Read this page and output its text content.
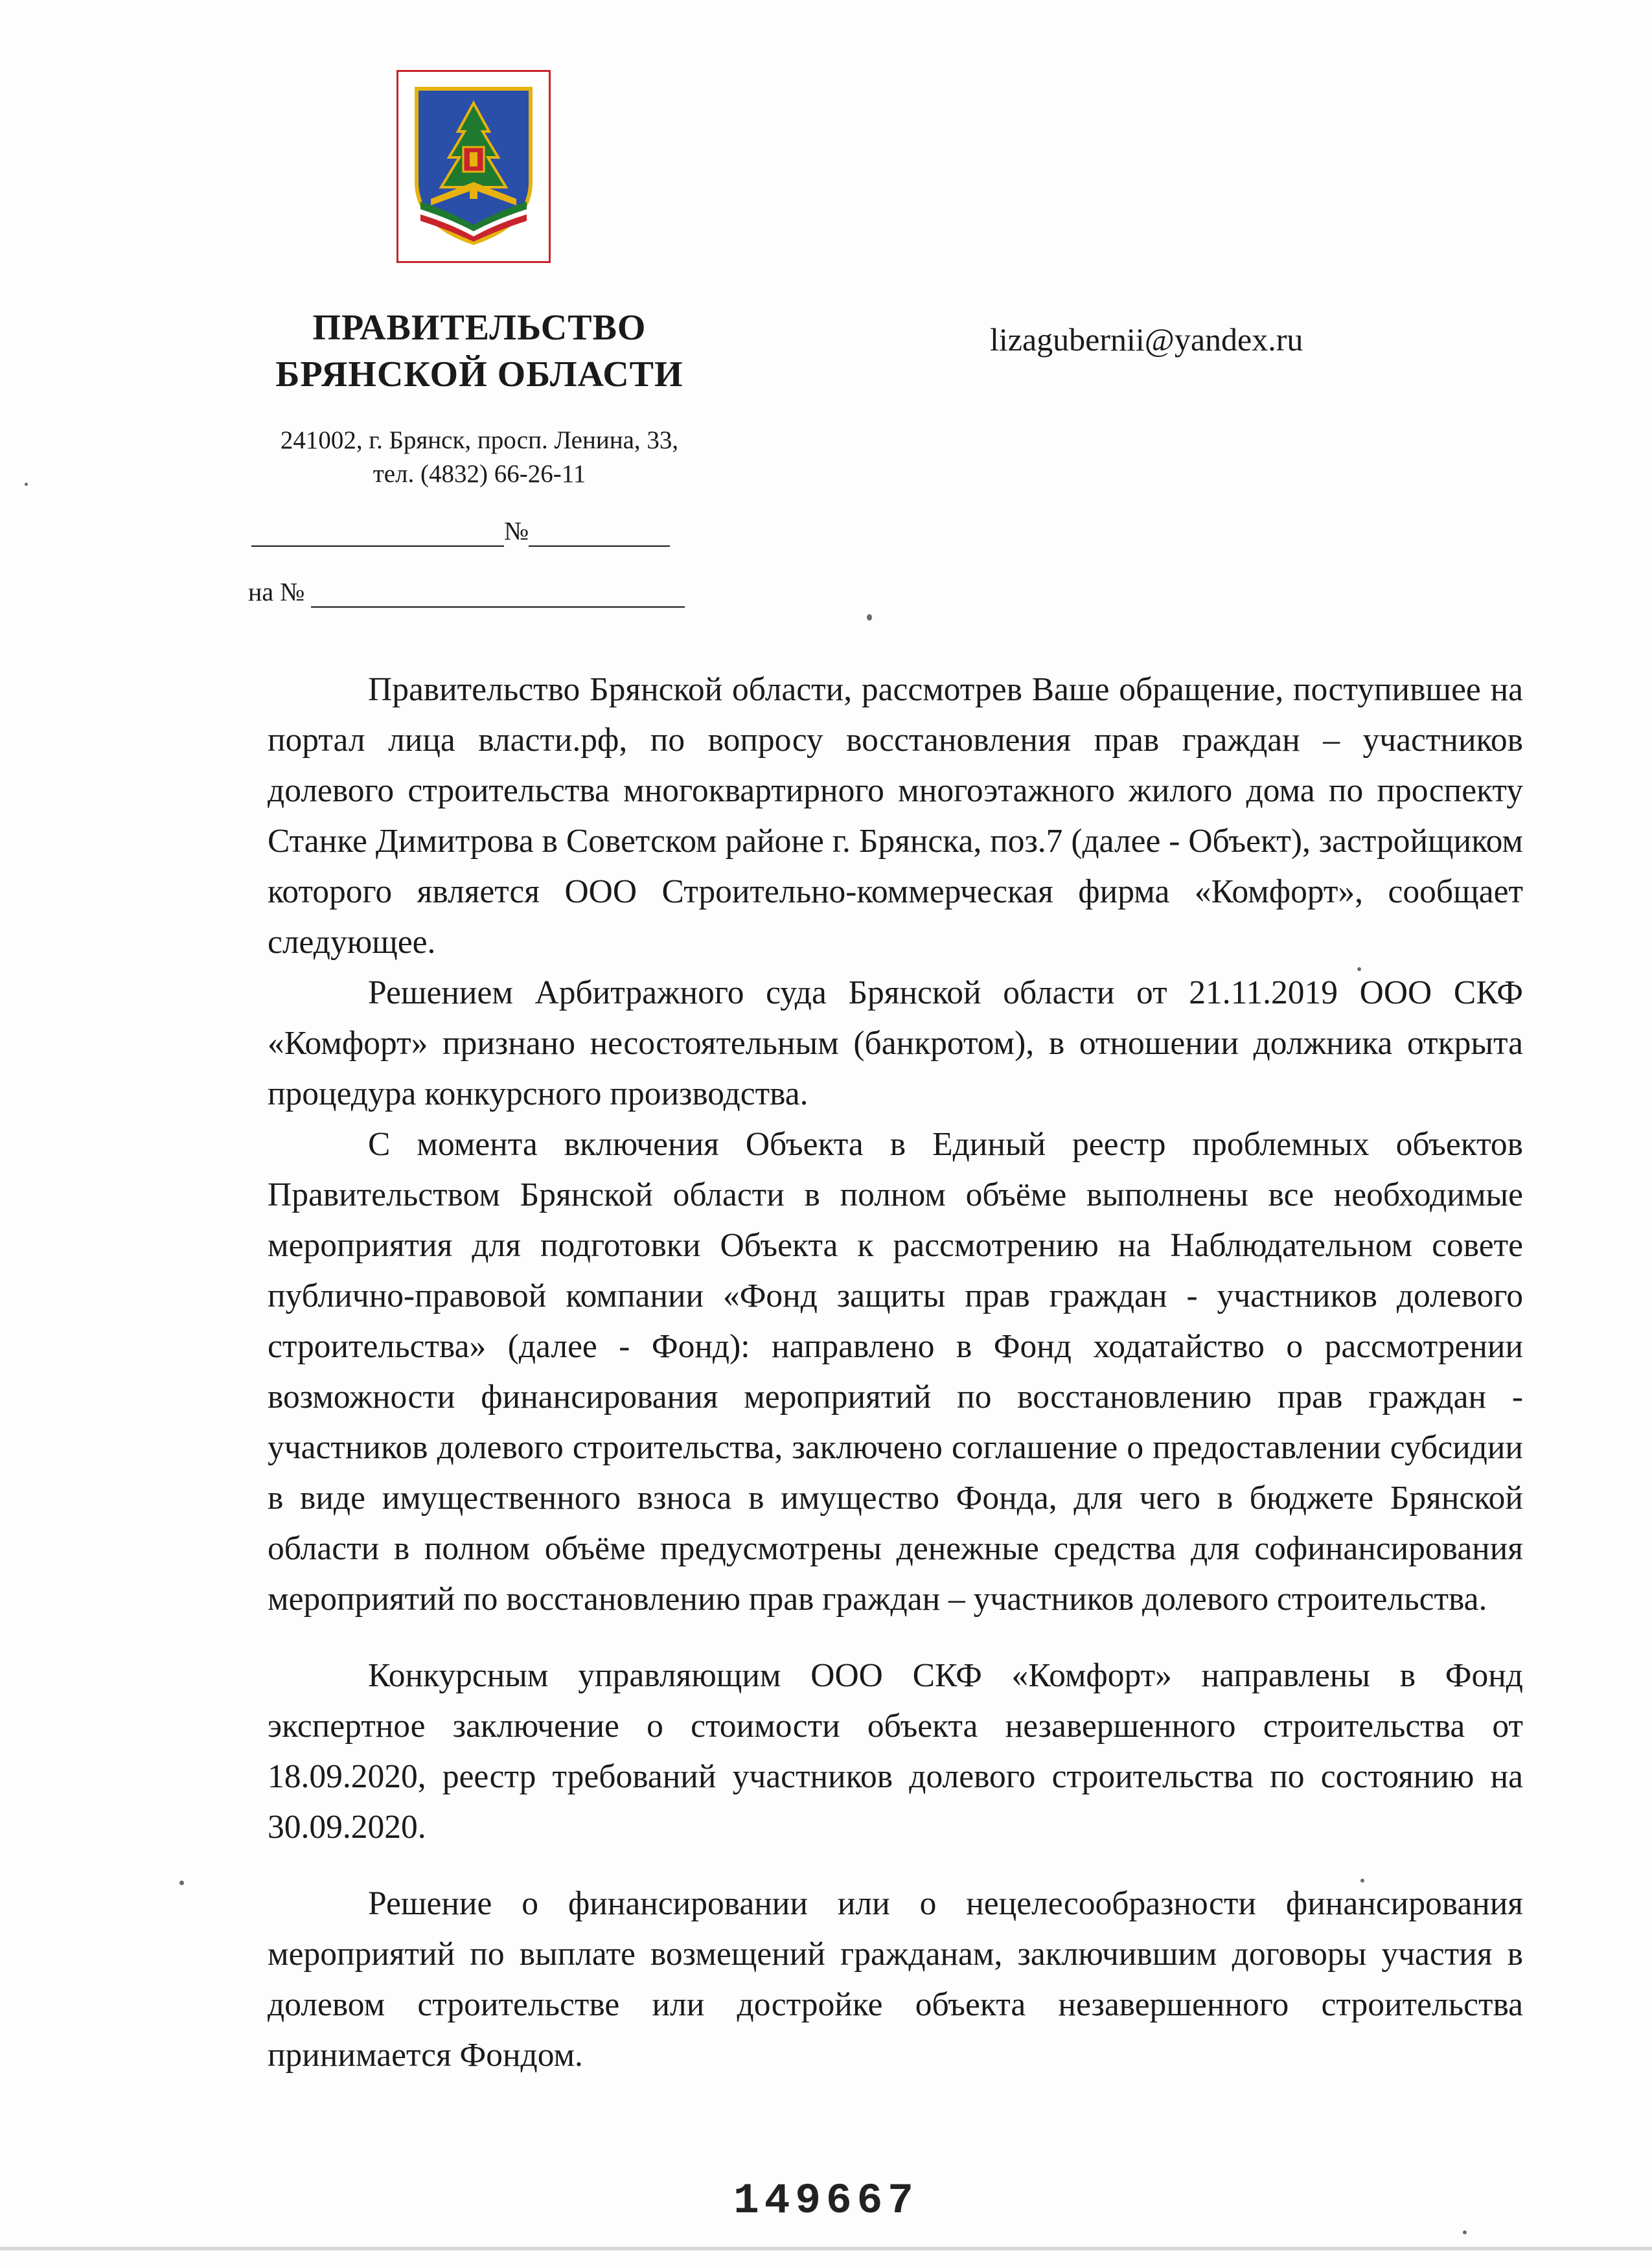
ПРАВИТЕЛЬСТВО
БРЯНСКОЙ ОБЛАСТИ
241002, г. Брянск, просп. Ленина, 33,
тел. (4832) 66-26-11
lizagubernii@yandex.ru
№
на №

Правительство Брянской области, рассмотрев Ваше обращение, поступившее на портал лица власти.рф, по вопросу восстановления прав граждан – участников долевого строительства многоквартирного многоэтажного жилого дома по проспекту Станке Димитрова в Советском районе г. Брянска, поз.7 (далее - Объект), застройщиком которого является ООО Строительно-коммерческая фирма «Комфорт», сообщает следующее.

Решением Арбитражного суда Брянской области от 21.11.2019 ООО СКФ «Комфорт» признано несостоятельным (банкротом), в отношении должника открыта процедура конкурсного производства.

С момента включения Объекта в Единый реестр проблемных объектов Правительством Брянской области в полном объёме выполнены все необходимые мероприятия для подготовки Объекта к рассмотрению на Наблюдательном совете публично-правовой компании «Фонд защиты прав граждан - участников долевого строительства» (далее - Фонд): направлено в Фонд ходатайство о рассмотрении возможности финансирования мероприятий по восстановлению прав граждан - участников долевого строительства, заключено соглашение о предоставлении субсидии в виде имущественного взноса в имущество Фонда, для чего в бюджете Брянской области в полном объёме предусмотрены денежные средства для софинансирования мероприятий по восстановлению прав граждан – участников долевого строительства.

Конкурсным управляющим ООО СКФ «Комфорт» направлены в Фонд экспертное заключение о стоимости объекта незавершенного строительства от 18.09.2020, реестр требований участников долевого строительства по состоянию на 30.09.2020.

Решение о финансировании или о нецелесообразности финансирования мероприятий по выплате возмещений гражданам, заключившим договоры участия в долевом строительстве или достройке объекта незавершенного строительства принимается Фондом.

149667
